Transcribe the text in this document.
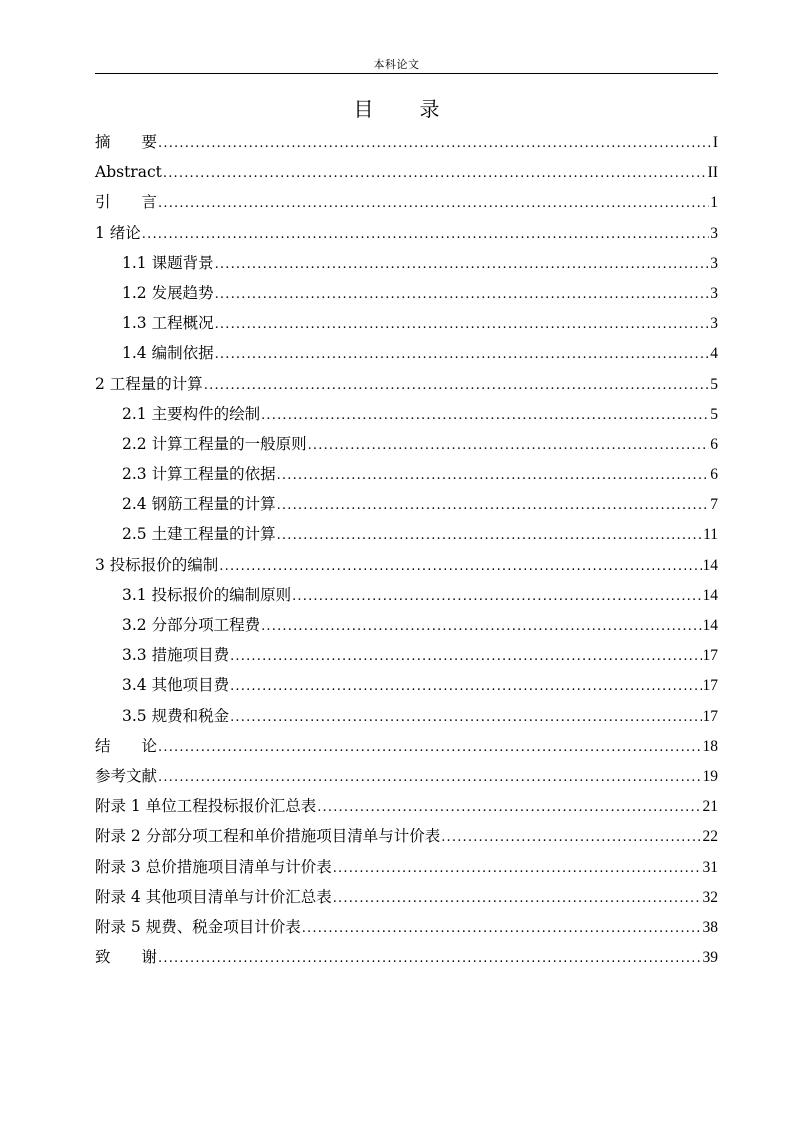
本科论文
目 录
摘 要 .....	I
Abstract .....	II
引 言 .....	1
1 绪论 .....	3
1.1 课题背景 .....	3
1.2 发展趋势 .....	3
1.3 工程概况 .....	3
1.4 编制依据 .....	4
2 工程量的计算 .....	5
2.1 主要构件的绘制 .....	5
2.2 计算工程量的一般原则 .....	6
2.3 计算工程量的依据 .....	6
2.4 钢筋工程量的计算 .....	7
2.5 土建工程量的计算 .....	11
3 投标报价的编制 .....	14
3.1 投标报价的编制原则 .....	14
3.2 分部分项工程费 .....	14
3.3 措施项目费 .....	17
3.4 其他项目费 .....	17
3.5 规费和税金 .....	17
结 论 .....	18
参考文献 .....	19
附录 1 单位工程投标报价汇总表 .....	21
附录 2 分部分项工程和单价措施项目清单与计价表 .....	22
附录 3 总价措施项目清单与计价表 .....	31
附录 4 其他项目清单与计价汇总表 .....	32
附录 5 规费、税金项目计价表 .....	38
致 谢 .....	39
